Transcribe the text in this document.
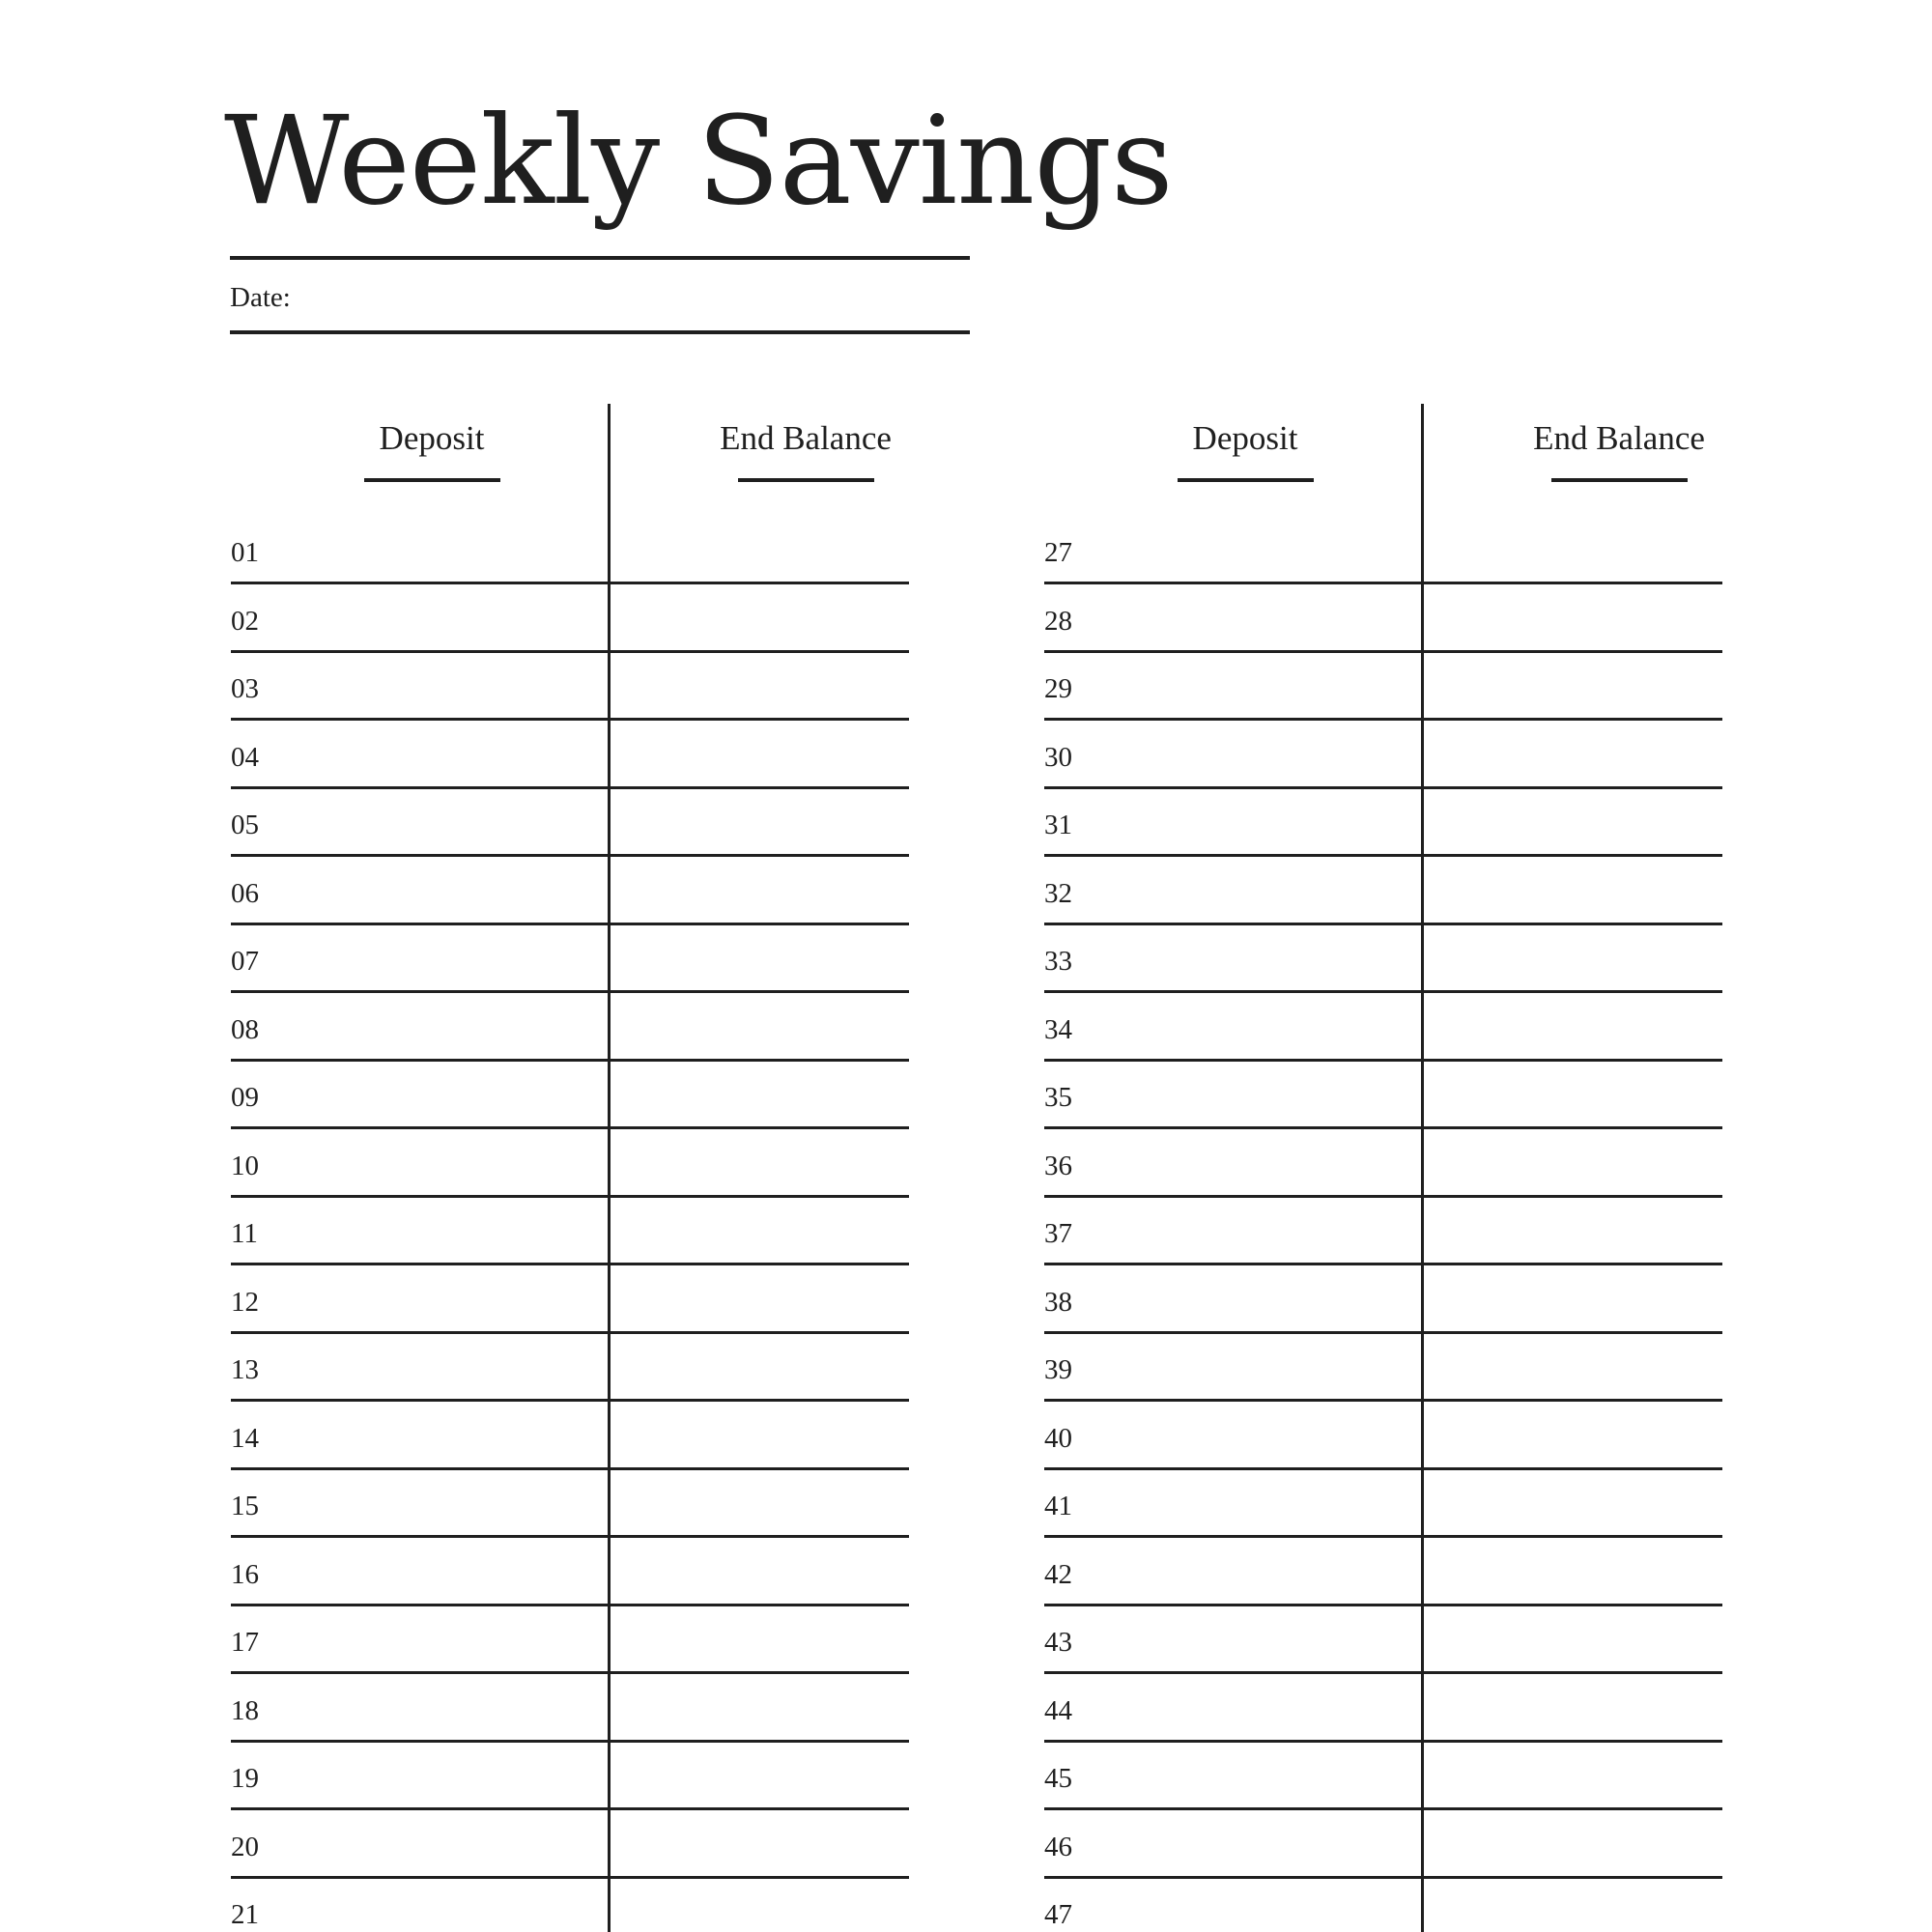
Weekly Savings
Date:
Deposit	End Balance
01
02
03
04
05
06
07
08
09
10
11
12
13
14
15
16
17
18
19
20
21
Deposit	End Balance
27
28
29
30
31
32
33
34
35
36
37
38
39
40
41
42
43
44
45
46
47
